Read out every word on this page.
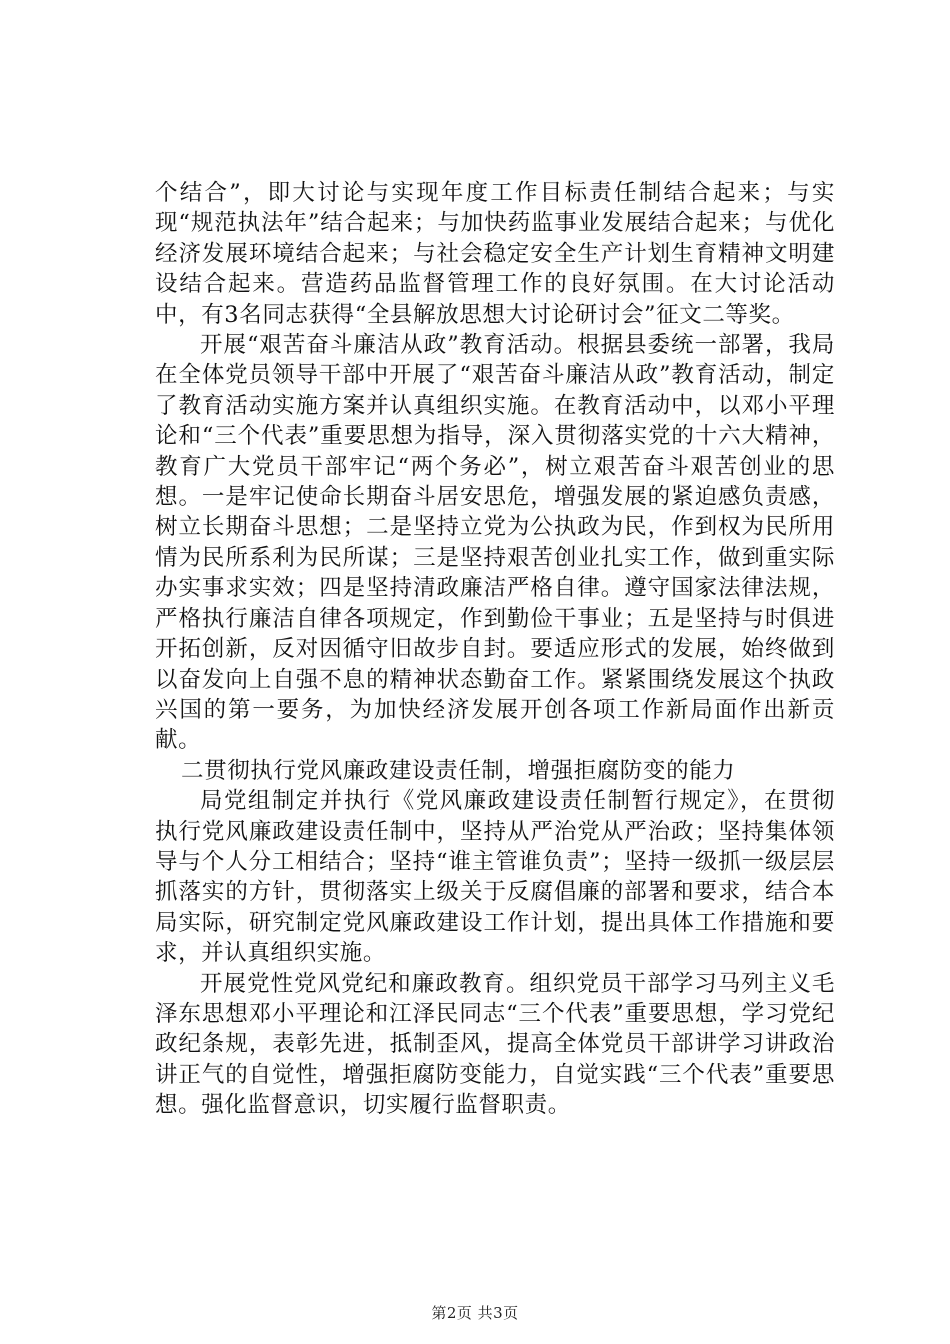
个结合”，即大讨论与实现年度工作目标责任制结合起来；与实现“规范执法年”结合起来；与加快药监事业发展结合起来；与优化经济发展环境结合起来；与社会稳定安全生产计划生育精神文明建设结合起来。营造药品监督管理工作的良好氛围。在大讨论活动中，有3名同志获得“全县解放思想大讨论研讨会”征文二等奖。

开展“艰苦奋斗廉洁从政”教育活动。根据县委统一部署，我局在全体党员领导干部中开展了“艰苦奋斗廉洁从政”教育活动，制定了教育活动实施方案并认真组织实施。在教育活动中，以邓小平理论和“三个代表”重要思想为指导，深入贯彻落实党的十六大精神，教育广大党员干部牢记“两个务必”，树立艰苦奋斗艰苦创业的思想。一是牢记使命长期奋斗居安思危，增强发展的紧迫感负责感，树立长期奋斗思想；二是坚持立党为公执政为民，作到权为民所用情为民所系利为民所谋；三是坚持艰苦创业扎实工作，做到重实际办实事求实效；四是坚持清政廉洁严格自律。遵守国家法律法规，严格执行廉洁自律各项规定，作到勤俭干事业；五是坚持与时俱进开拓创新，反对因循守旧故步自封。要适应形式的发展，始终做到以奋发向上自强不息的精神状态勤奋工作。紧紧围绕发展这个执政兴国的第一要务，为加快经济发展开创各项工作新局面作出新贡献。

二贯彻执行党风廉政建设责任制，增强拒腐防变的能力

局党组制定并执行《党风廉政建设责任制暂行规定》，在贯彻执行党风廉政建设责任制中，坚持从严治党从严治政；坚持集体领导与个人分工相结合；坚持“谁主管谁负责”；坚持一级抓一级层层抓落实的方针，贯彻落实上级关于反腐倡廉的部署和要求，结合本局实际，研究制定党风廉政建设工作计划，提出具体工作措施和要求，并认真组织实施。

开展党性党风党纪和廉政教育。组织党员干部学习马列主义毛泽东思想邓小平理论和江泽民同志“三个代表”重要思想，学习党纪政纪条规，表彰先进，抵制歪风，提高全体党员干部讲学习讲政治讲正气的自觉性，增强拒腐防变能力，自觉实践“三个代表”重要思想。强化监督意识，切实履行监督职责。

第2页 共3页
